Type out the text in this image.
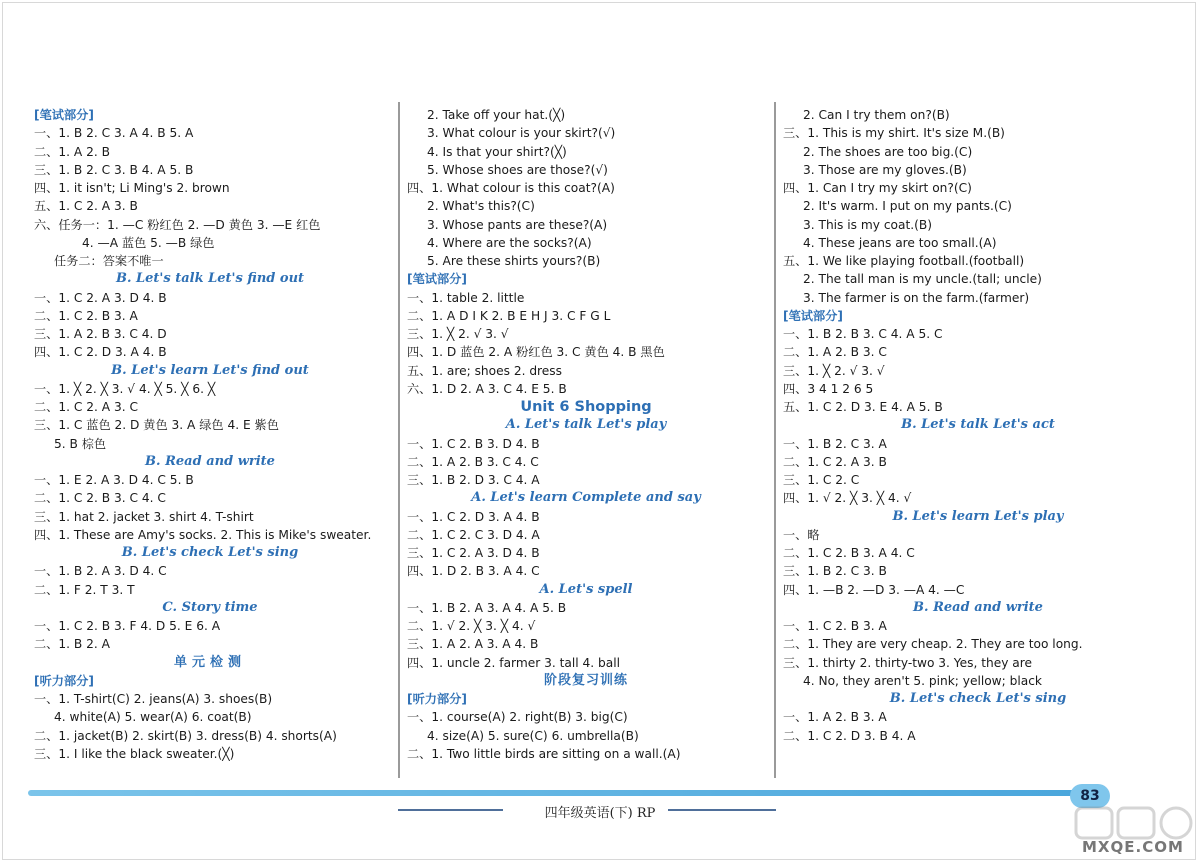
[笔试部分]
一、1. B 2. C 3. A 4. B 5. A
二、1. A 2. B
三、1. B 2. C 3. B 4. A 5. B
四、1. it isn't; Li Ming's 2. brown
五、1. C 2. A 3. B
六、任务一：1. —C 粉红色 2. —D 黄色 3. —E 红色
4. —A 蓝色 5. —B 绿色
任务二：答案不唯一
B. Let's talk Let's find out
一、1. C 2. A 3. D 4. B
二、1. C 2. B 3. A
三、1. A 2. B 3. C 4. D
四、1. C 2. D 3. A 4. B
B. Let's learn Let's find out
一、1. ╳ 2. ╳ 3. √ 4. ╳ 5. ╳ 6. ╳
二、1. C 2. A 3. C
三、1. C 蓝色 2. D 黄色 3. A 绿色 4. E 紫色
5. B 棕色
B. Read and write
一、1. E 2. A 3. D 4. C 5. B
二、1. C 2. B 3. C 4. C
三、1. hat 2. jacket 3. shirt 4. T-shirt
四、1. These are Amy's socks. 2. This is Mike's sweater.
B. Let's check Let's sing
一、1. B 2. A 3. D 4. C
二、1. F 2. T 3. T
C. Story time
一、1. C 2. B 3. F 4. D 5. E 6. A
二、1. B 2. A
单元检测
[听力部分]
一、1. T-shirt(C) 2. jeans(A) 3. shoes(B)
4. white(A) 5. wear(A) 6. coat(B)
二、1. jacket(B) 2. skirt(B) 3. dress(B) 4. shorts(A)
三、1. I like the black sweater.(╳)
2. Take off your hat.(╳)
3. What colour is your skirt?(√)
4. Is that your shirt?(╳)
5. Whose shoes are those?(√)
四、1. What colour is this coat?(A)
2. What's this?(C)
3. Whose pants are these?(A)
4. Where are the socks?(A)
5. Are these shirts yours?(B)
[笔试部分]
一、1. table 2. little
二、1. A D I K 2. B E H J 3. C F G L
三、1. ╳ 2. √ 3. √
四、1. D 蓝色 2. A 粉红色 3. C 黄色 4. B 黑色
五、1. are; shoes 2. dress
六、1. D 2. A 3. C 4. E 5. B
Unit 6 Shopping
A. Let's talk Let's play
一、1. C 2. B 3. D 4. B
二、1. A 2. B 3. C 4. C
三、1. B 2. D 3. C 4. A
A. Let's learn Complete and say
一、1. C 2. D 3. A 4. B
二、1. C 2. C 3. D 4. A
三、1. C 2. A 3. D 4. B
四、1. D 2. B 3. A 4. C
A. Let's spell
一、1. B 2. A 3. A 4. A 5. B
二、1. √ 2. ╳ 3. ╳ 4. √
三、1. A 2. A 3. A 4. B
四、1. uncle 2. farmer 3. tall 4. ball
阶段复习训练
[听力部分]
一、1. course(A) 2. right(B) 3. big(C)
4. size(A) 5. sure(C) 6. umbrella(B)
二、1. Two little birds are sitting on a wall.(A)
2. Can I try them on?(B)
三、1. This is my shirt. It's size M.(B)
2. The shoes are too big.(C)
3. Those are my gloves.(B)
四、1. Can I try my skirt on?(C)
2. It's warm. I put on my pants.(C)
3. This is my coat.(B)
4. These jeans are too small.(A)
五、1. We like playing football.(football)
2. The tall man is my uncle.(tall; uncle)
3. The farmer is on the farm.(farmer)
[笔试部分]
一、1. B 2. B 3. C 4. A 5. C
二、1. A 2. B 3. C
三、1. ╳ 2. √ 3. √
四、3 4 1 2 6 5
五、1. C 2. D 3. E 4. A 5. B
B. Let's talk Let's act
一、1. B 2. C 3. A
二、1. C 2. A 3. B
三、1. C 2. C
四、1. √ 2. ╳ 3. ╳ 4. √
B. Let's learn Let's play
一、略
二、1. C 2. B 3. A 4. C
三、1. B 2. C 3. B
四、1. —B 2. —D 3. —A 4. —C
B. Read and write
一、1. C 2. B 3. A
二、1. They are very cheap. 2. They are too long.
三、1. thirty 2. thirty-two 3. Yes, they are
4. No, they aren't 5. pink; yellow; black
B. Let's check Let's sing
一、1. A 2. B 3. A
二、1. C 2. D 3. B 4. A
83
四年级英语(下) RP
MXQE.COM
